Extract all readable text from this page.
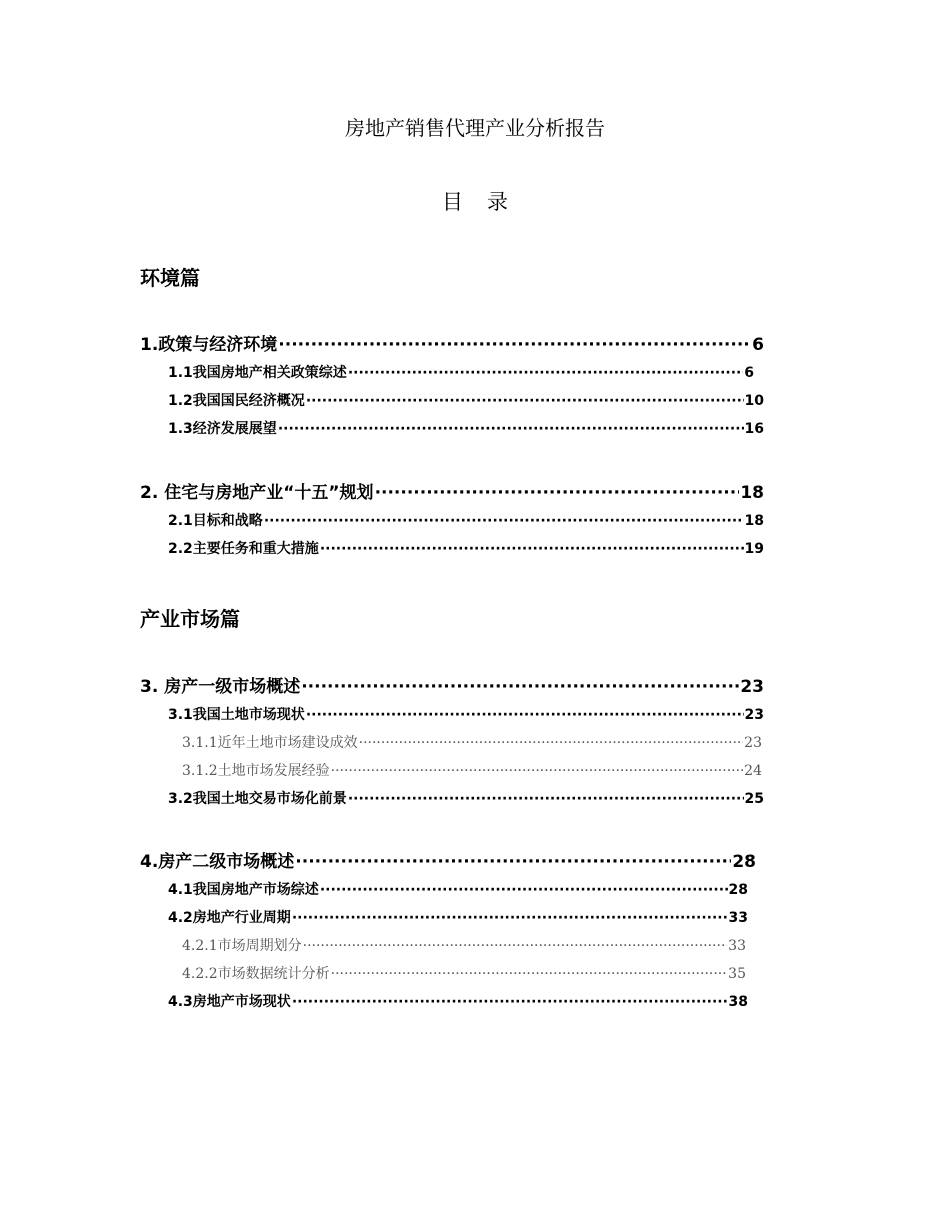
房地产销售代理产业分析报告
目 录
环境篇
1.政策与经济环境 ·····	6
1.1我国房地产相关政策综述 ·····	6
1.2我国国民经济概况 ·····	10
1.3经济发展展望 ·····	16
2. 住宅与房地产业“十五”规划 ·····	18
2.1目标和战略 ·····	18
2.2主要任务和重大措施 ·····	19
产业市场篇
3. 房产一级市场概述 ·····	23
3.1我国土地市场现状 ·····	23
3.1.1近年土地市场建设成效 ·····	23
3.1.2土地市场发展经验 ·····	24
3.2我国土地交易市场化前景 ·····	25
4.房产二级市场概述 ·····	28
4.1我国房地产市场综述 ·····	28
4.2房地产行业周期 ·····	33
4.2.1市场周期划分 ·····	33
4.2.2市场数据统计分析 ·····	35
4.3房地产市场现状 ·····	38
